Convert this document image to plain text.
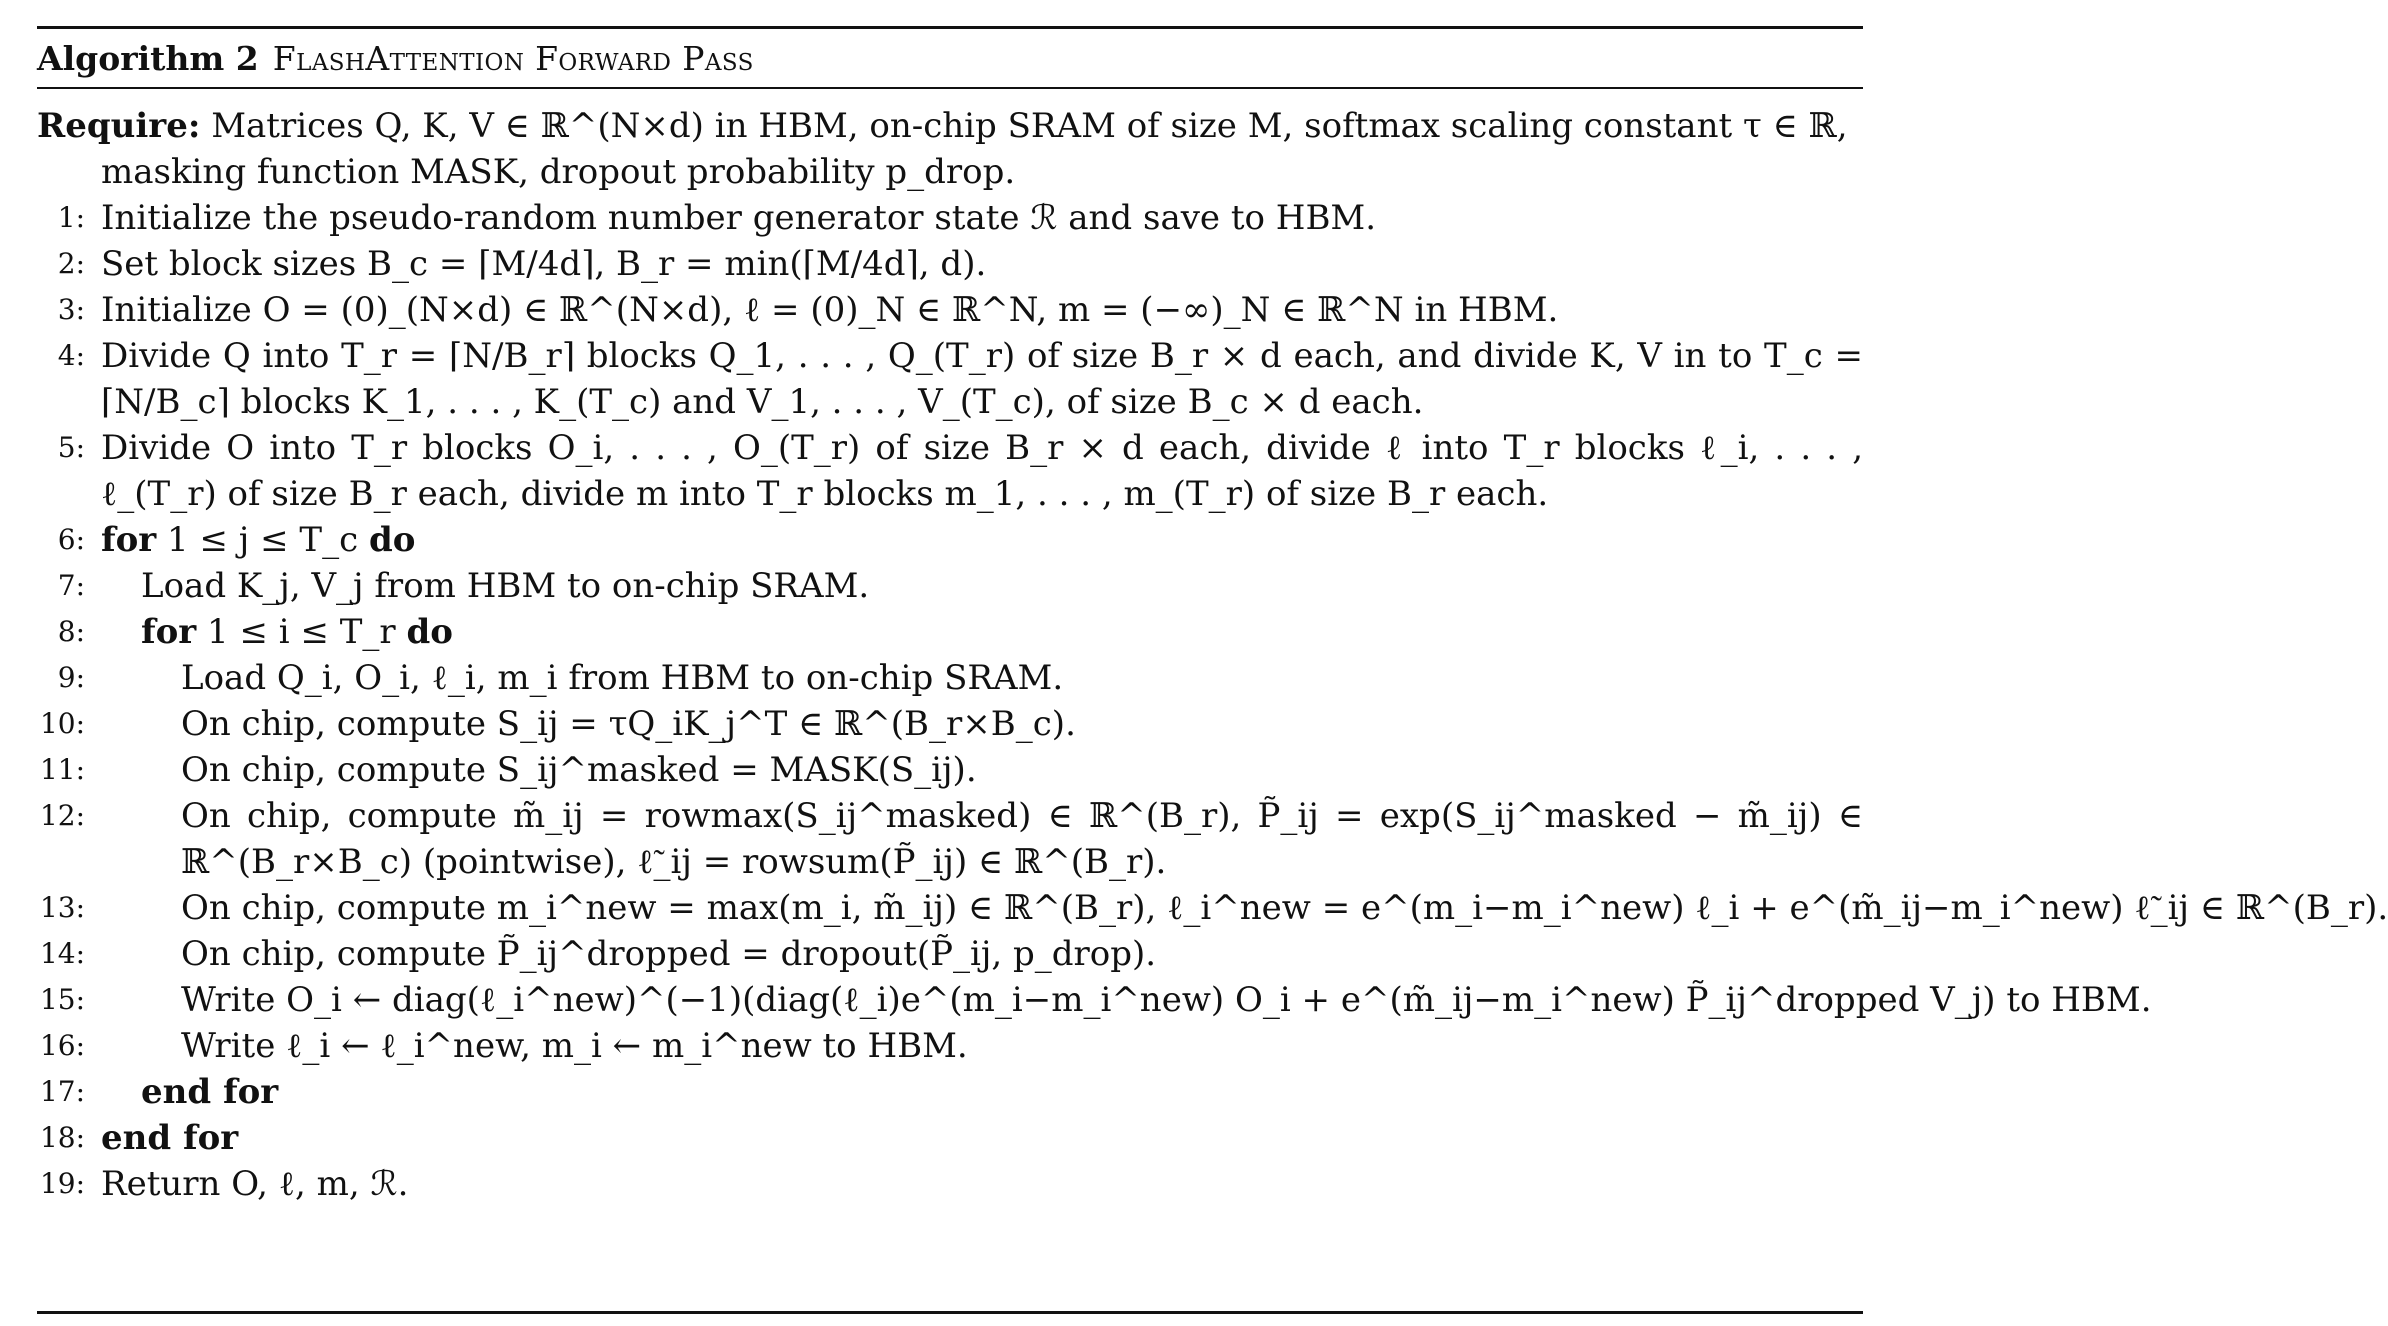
Algorithm 2 FlashAttention Forward Pass
Require: Matrices Q, K, V ∈ ℝ^(N×d) in HBM, on-chip SRAM of size M, softmax scaling constant τ ∈ ℝ, masking function MASK, dropout probability p_drop.
1: Initialize the pseudo-random number generator state ℛ and save to HBM.
2: Set block sizes B_c = ⌈M/4d⌉, B_r = min(⌈M/4d⌉, d).
3: Initialize O = (0)_(N×d) ∈ ℝ^(N×d), ℓ = (0)_N ∈ ℝ^N, m = (−∞)_N ∈ ℝ^N in HBM.
4: Divide Q into T_r = ⌈N/B_r⌉ blocks Q_1, . . . , Q_(T_r) of size B_r × d each, and divide K, V in to T_c = ⌈N/B_c⌉ blocks K_1, . . . , K_(T_c) and V_1, . . . , V_(T_c), of size B_c × d each.
5: Divide O into T_r blocks O_i, . . . , O_(T_r) of size B_r × d each, divide ℓ into T_r blocks ℓ_i, . . . , ℓ_(T_r) of size B_r each, divide m into T_r blocks m_1, . . . , m_(T_r) of size B_r each.
6: for 1 ≤ j ≤ T_c do
7: Load K_j, V_j from HBM to on-chip SRAM.
8: for 1 ≤ i ≤ T_r do
9:	Load Q_i, O_i, ℓ_i, m_i from HBM to on-chip SRAM.
10:	On chip, compute S_ij = τQ_iK_j^T ∈ ℝ^(B_r×B_c).
11:	On chip, compute S_ij^masked = MASK(S_ij).
12:	On chip, compute m̃_ij = rowmax(S_ij^masked) ∈ ℝ^(B_r), P̃_ij = exp(S_ij^masked − m̃_ij) ∈ ℝ^(B_r×B_c) (pointwise), ℓ̃_ij = rowsum(P̃_ij) ∈ ℝ^(B_r).
13:	On chip, compute m_i^new = max(m_i, m̃_ij) ∈ ℝ^(B_r), ℓ_i^new = e^(m_i−m_i^new) ℓ_i + e^(m̃_ij−m_i^new) ℓ̃_ij ∈ ℝ^(B_r).
14:	On chip, compute P̃_ij^dropped = dropout(P̃_ij, p_drop).
15:	Write O_i ← diag(ℓ_i^new)^(−1)(diag(ℓ_i)e^(m_i−m_i^new) O_i + e^(m̃_ij−m_i^new) P̃_ij^dropped V_j) to HBM.
16:	Write ℓ_i ← ℓ_i^new, m_i ← m_i^new to HBM.
17: end for
18: end for
19: Return O, ℓ, m, ℛ.
